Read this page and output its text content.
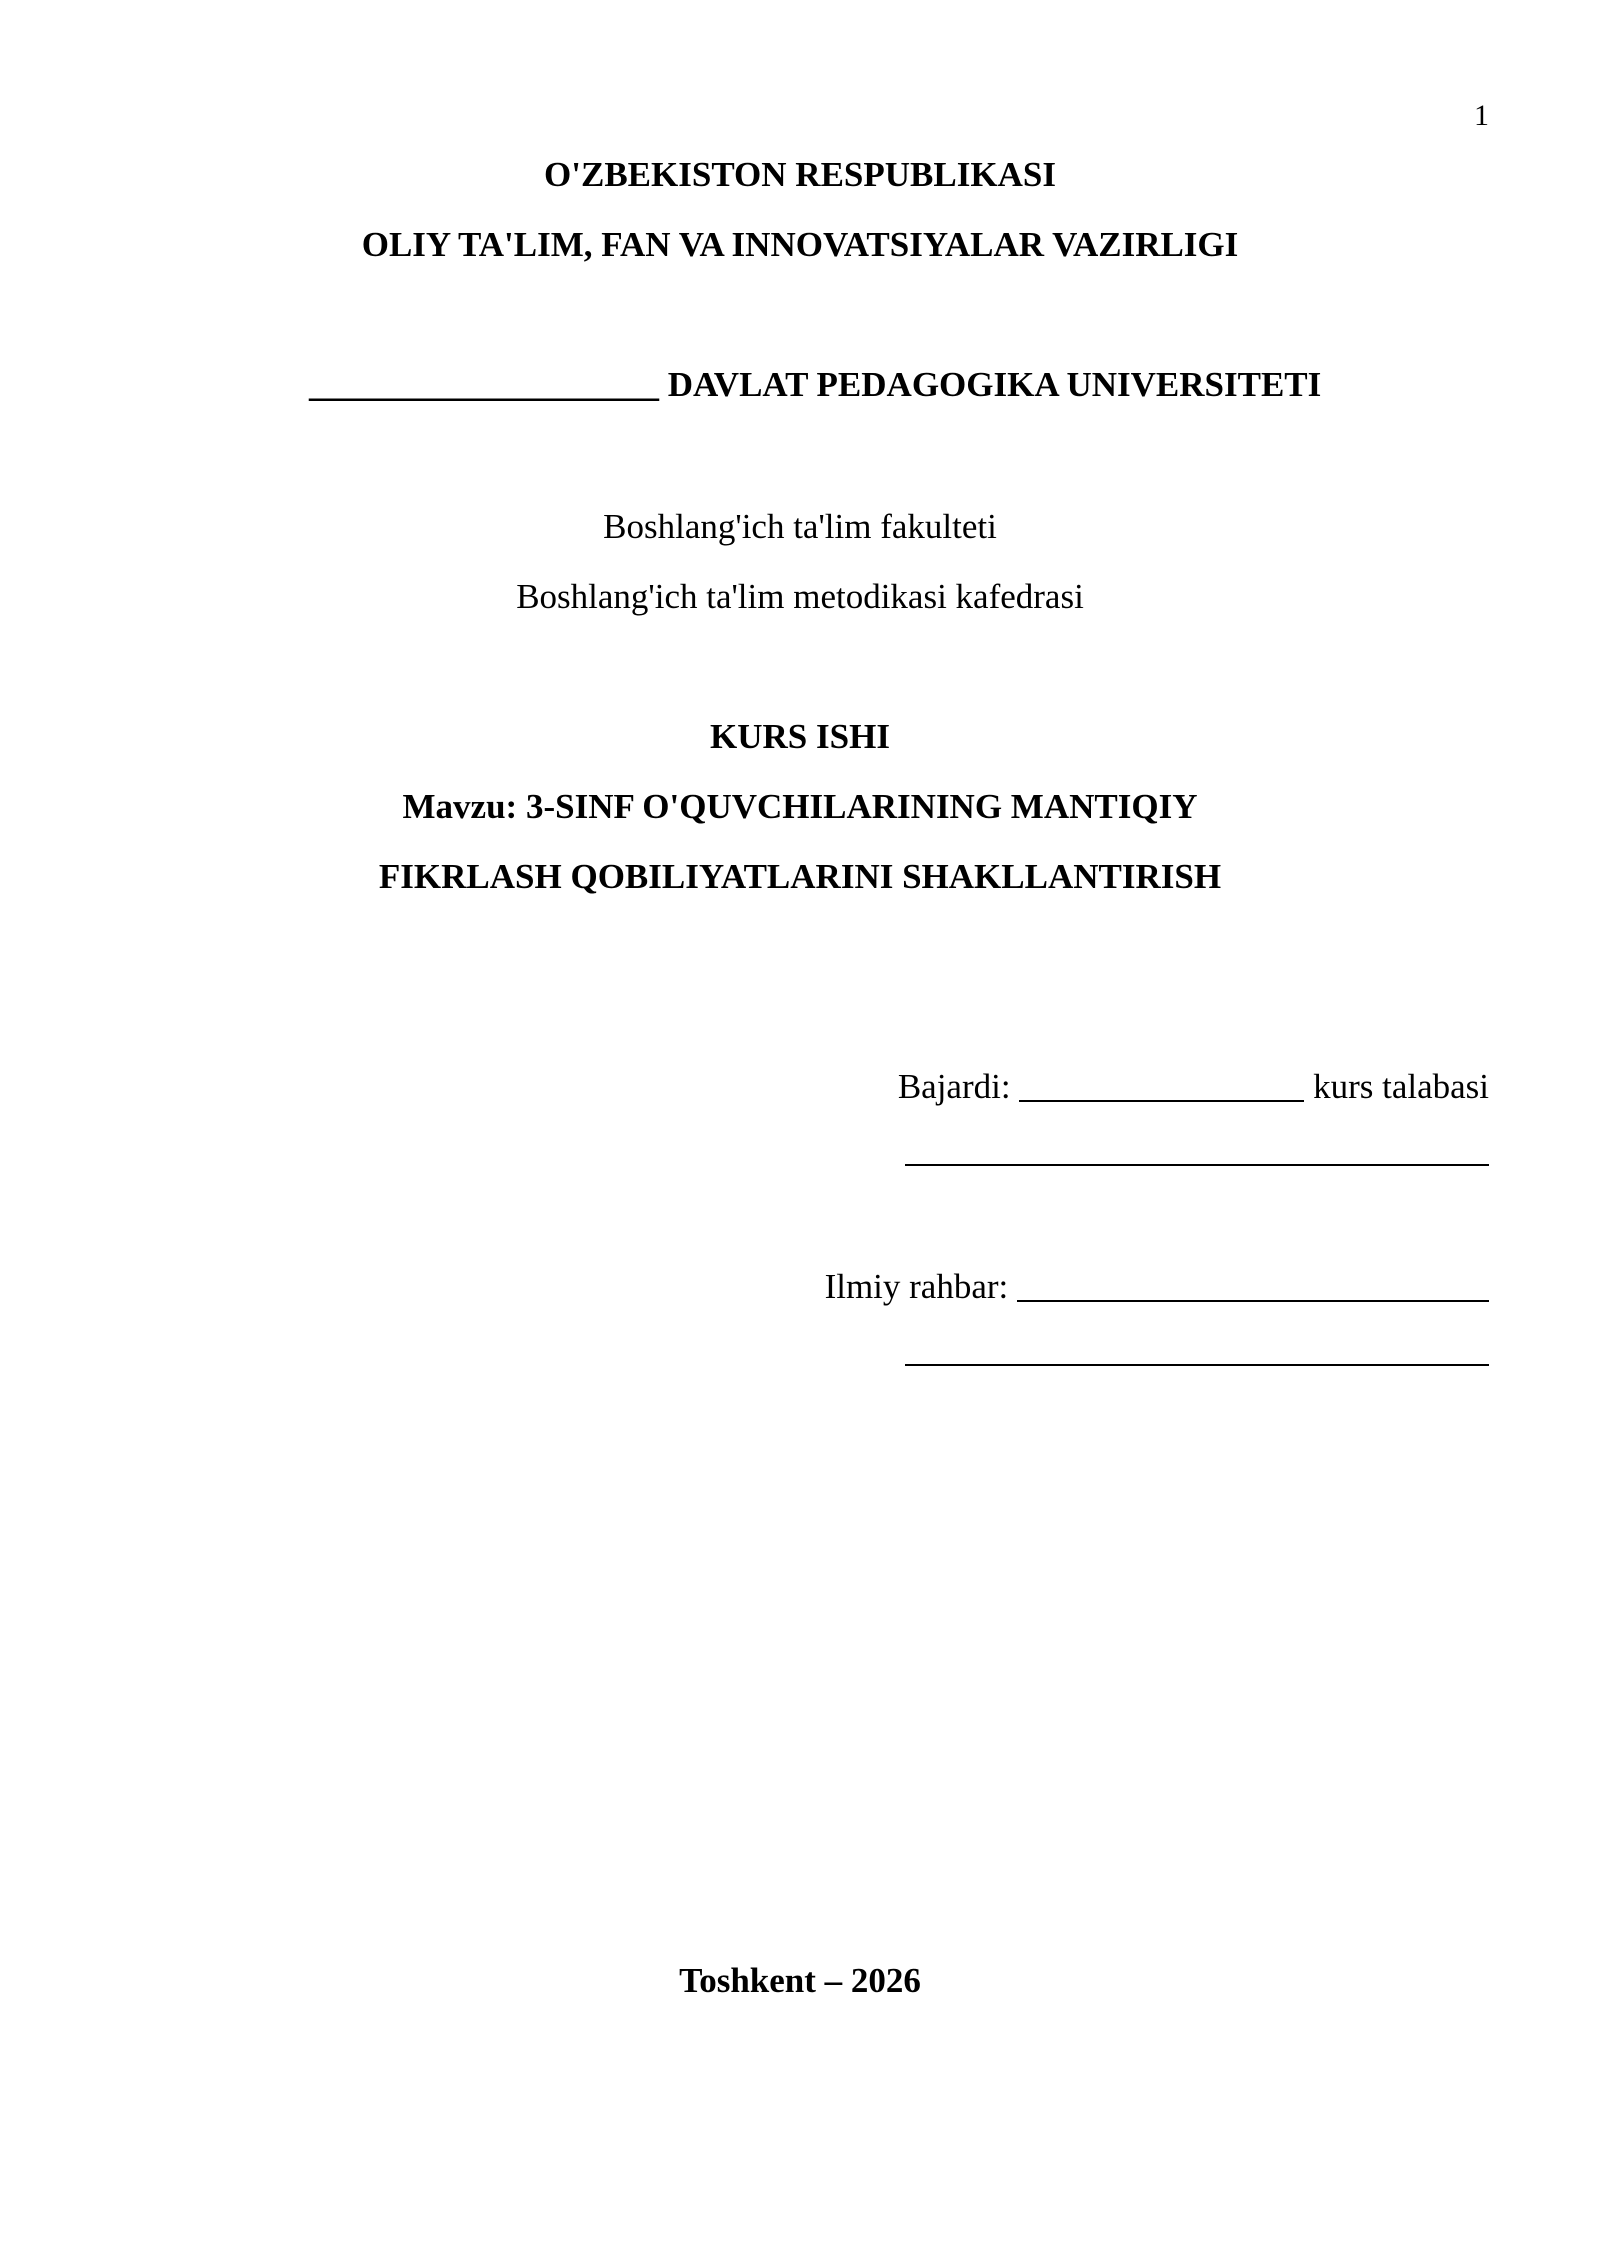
1
O'ZBEKISTON RESPUBLIKASI
OLIY TA'LIM, FAN VA INNOVATSIYALAR VAZIRLIGI
____________________ DAVLAT PEDAGOGIKA UNIVERSITETI
Boshlang'ich ta'lim fakulteti
Boshlang'ich ta'lim metodikasi kafedrasi
KURS ISHI
Mavzu: 3-SINF O'QUVCHILARINING MANTIQIY
FIKRLASH QOBILIYATLARINI SHAKLLANTIRISH
Bajardi:	kurs talabasi
Ilmiy rahbar:
Toshkent – 2026
